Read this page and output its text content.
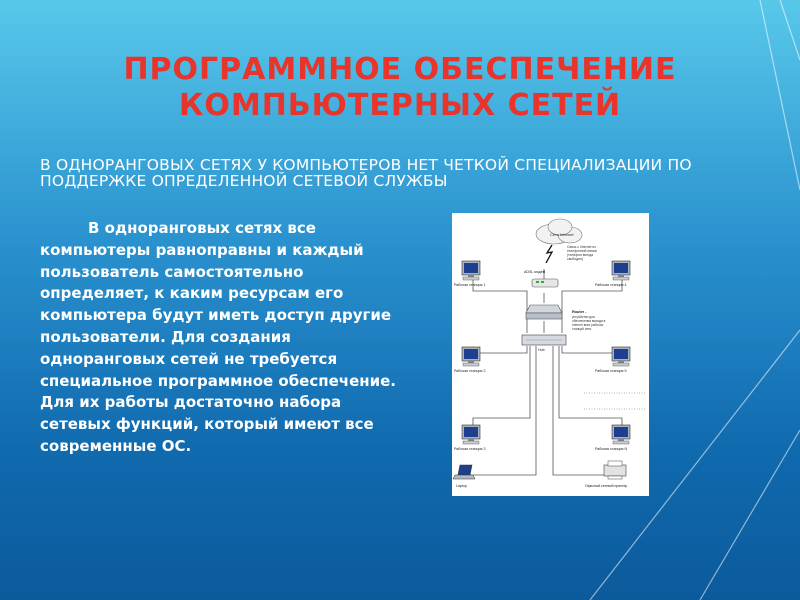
ПРОГРАММНОЕ ОБЕСПЕЧЕНИЕ
КОМПЬЮТЕРНЫХ СЕТЕЙ
В ОДНОРАНГОВЫХ СЕТЯХ У КОМПЬЮТЕРОВ НЕТ ЧЕТКОЙ СПЕЦИАЛИЗАЦИИ ПО ПОДДЕРЖКЕ ОПРЕДЕЛЕННОЙ СЕТЕВОЙ СЛУЖБЫ
В одноранговых сетях все компьютеры равноправны и каждый пользователь самостоятельно определяет, к каким ресурсам его компьютера будут иметь доступ другие пользователи. Для создания одноранговых сетей не требуется специальное программное обеспечение. Для их работы достаточно набора сетевых функций, который имеют все современные ОС.
Сеть Internet
Связь с Internet по телефонной линии (телефон всегда свободен)
ADSL модем
Router -
устройство для обеспечения выхода в Internet всех рабочих станций сети
Hub
Рабочая станция 1	Рабочая станция 4
Рабочая станция 2	Рабочая станция 5
Рабочая станция 3	Рабочая станция N
Laptop	Офисный сетевой принтер
